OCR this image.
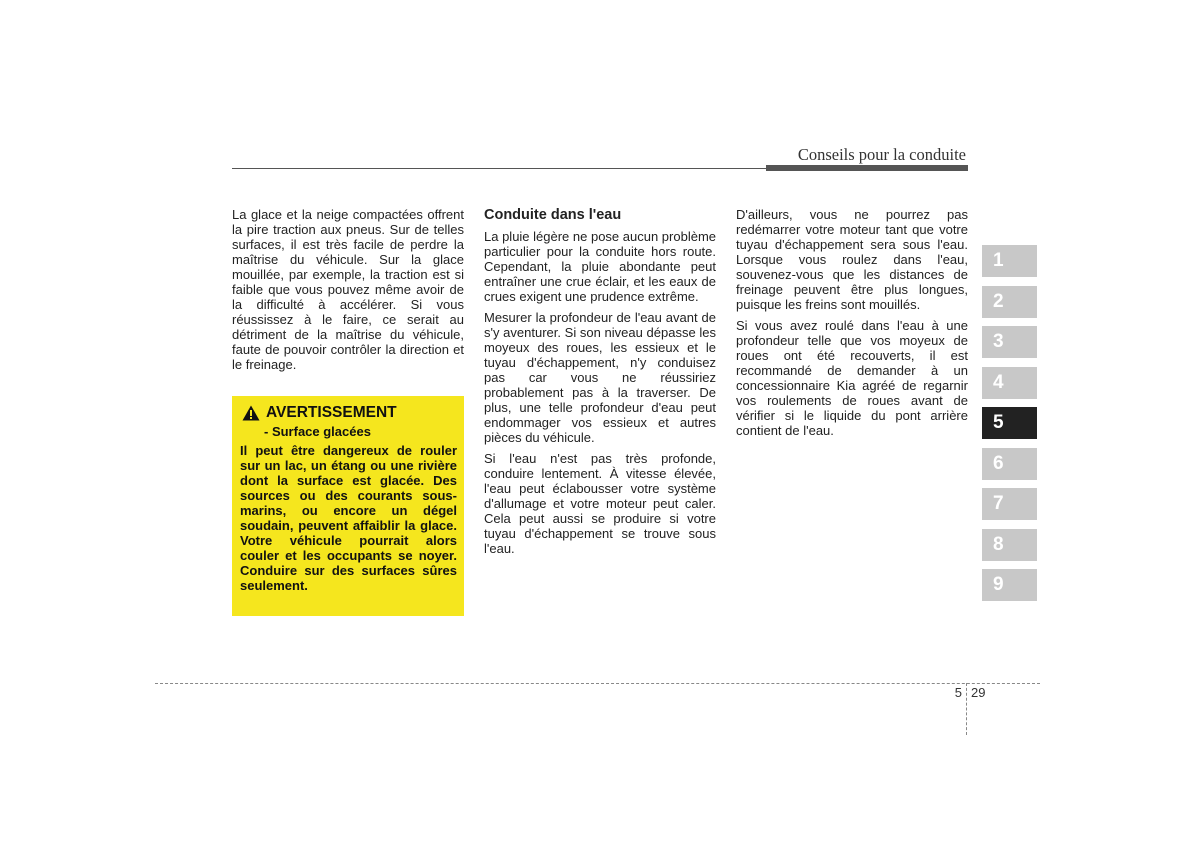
Conseils pour la conduite

La glace et la neige compactées offrent la pire traction aux pneus. Sur de telles surfaces, il est très facile de perdre la maîtrise du véhicule. Sur la glace mouillée, par exemple, la traction est si faible que vous pouvez même avoir de la difficulté à accélérer. Si vous réussissez à le faire, ce serait au détriment de la maîtrise du véhicule, faute de pouvoir contrôler la direction et le freinage.

AVERTISSEMENT
- Surface glacées
Il peut être dangereux de rouler sur un lac, un étang ou une rivière dont la surface est glacée. Des sources ou des courants sous-marins, ou encore un dégel soudain, peuvent affaiblir la glace. Votre véhicule pourrait alors couler et les occupants se noyer. Conduire sur des surfaces sûres seulement.
Conduite dans l'eau

La pluie légère ne pose aucun problème particulier pour la conduite hors route. Cependant, la pluie abondante peut entraîner une crue éclair, et les eaux de crues exigent une prudence extrême.

Mesurer la profondeur de l'eau avant de s'y aventurer. Si son niveau dépasse les moyeux des roues, les essieux et le tuyau d'échappement, n'y conduisez pas car vous ne réussiriez probablement pas à la traverser. De plus, une telle profondeur d'eau peut endommager vos essieux et autres pièces du véhicule.

Si l'eau n'est pas très profonde, conduire lentement. À vitesse élevée, l'eau peut éclabousser votre système d'allumage et votre moteur peut caler. Cela peut aussi se produire si votre tuyau d'échappement se trouve sous l'eau.

D'ailleurs, vous ne pourrez pas redémarrer votre moteur tant que votre tuyau d'échappement sera sous l'eau. Lorsque vous roulez dans l'eau, souvenez-vous que les distances de freinage peuvent être plus longues, puisque les freins sont mouillés.

Si vous avez roulé dans l'eau à une profondeur telle que vos moyeux de roues ont été recouverts, il est recommandé de demander à un concessionnaire Kia agréé de regarnir vos roulements de roues avant de vérifier si le liquide du pont arrière contient de l'eau.

1
2
3
4
5
6
7
8
9
5 29
